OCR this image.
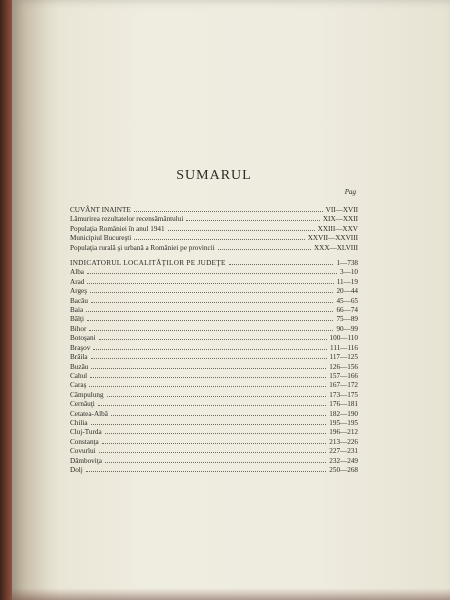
SUMARUL
Pag
CUVÂNT INAINTE	VII—XVII
Lămurirea rezultatelor recensământului	XIX—XXII
Populaţia României în anul 1941	XXIII—XXV
Municipiul Bucureşti	XXVII—XXVIII
Populaţia rurală şi urbană a României pe provincii	XXX—XLVIII
INDICATORUL LOCALITĂŢILOR PE JUDEŢE	1—738
Alba	3—10
Arad	11—19
Argeş	20—44
Bacău	45—65
Baia	66—74
Bălţi	75—89
Bihor	90—99
Botoşani	100—110
Braşov	111—116
Brăila	117—125
Buzău	126—156
Cahul	157—166
Caraş	167—172
Câmpulung	173—175
Cernăuţi	176—181
Cetatea-Albă	182—190
Chilia	195—195
Cluj-Turda	196—212
Constanţa	213—226
Covurlui	227—231
Dâmboviţa	232—249
Dolj	250—268
